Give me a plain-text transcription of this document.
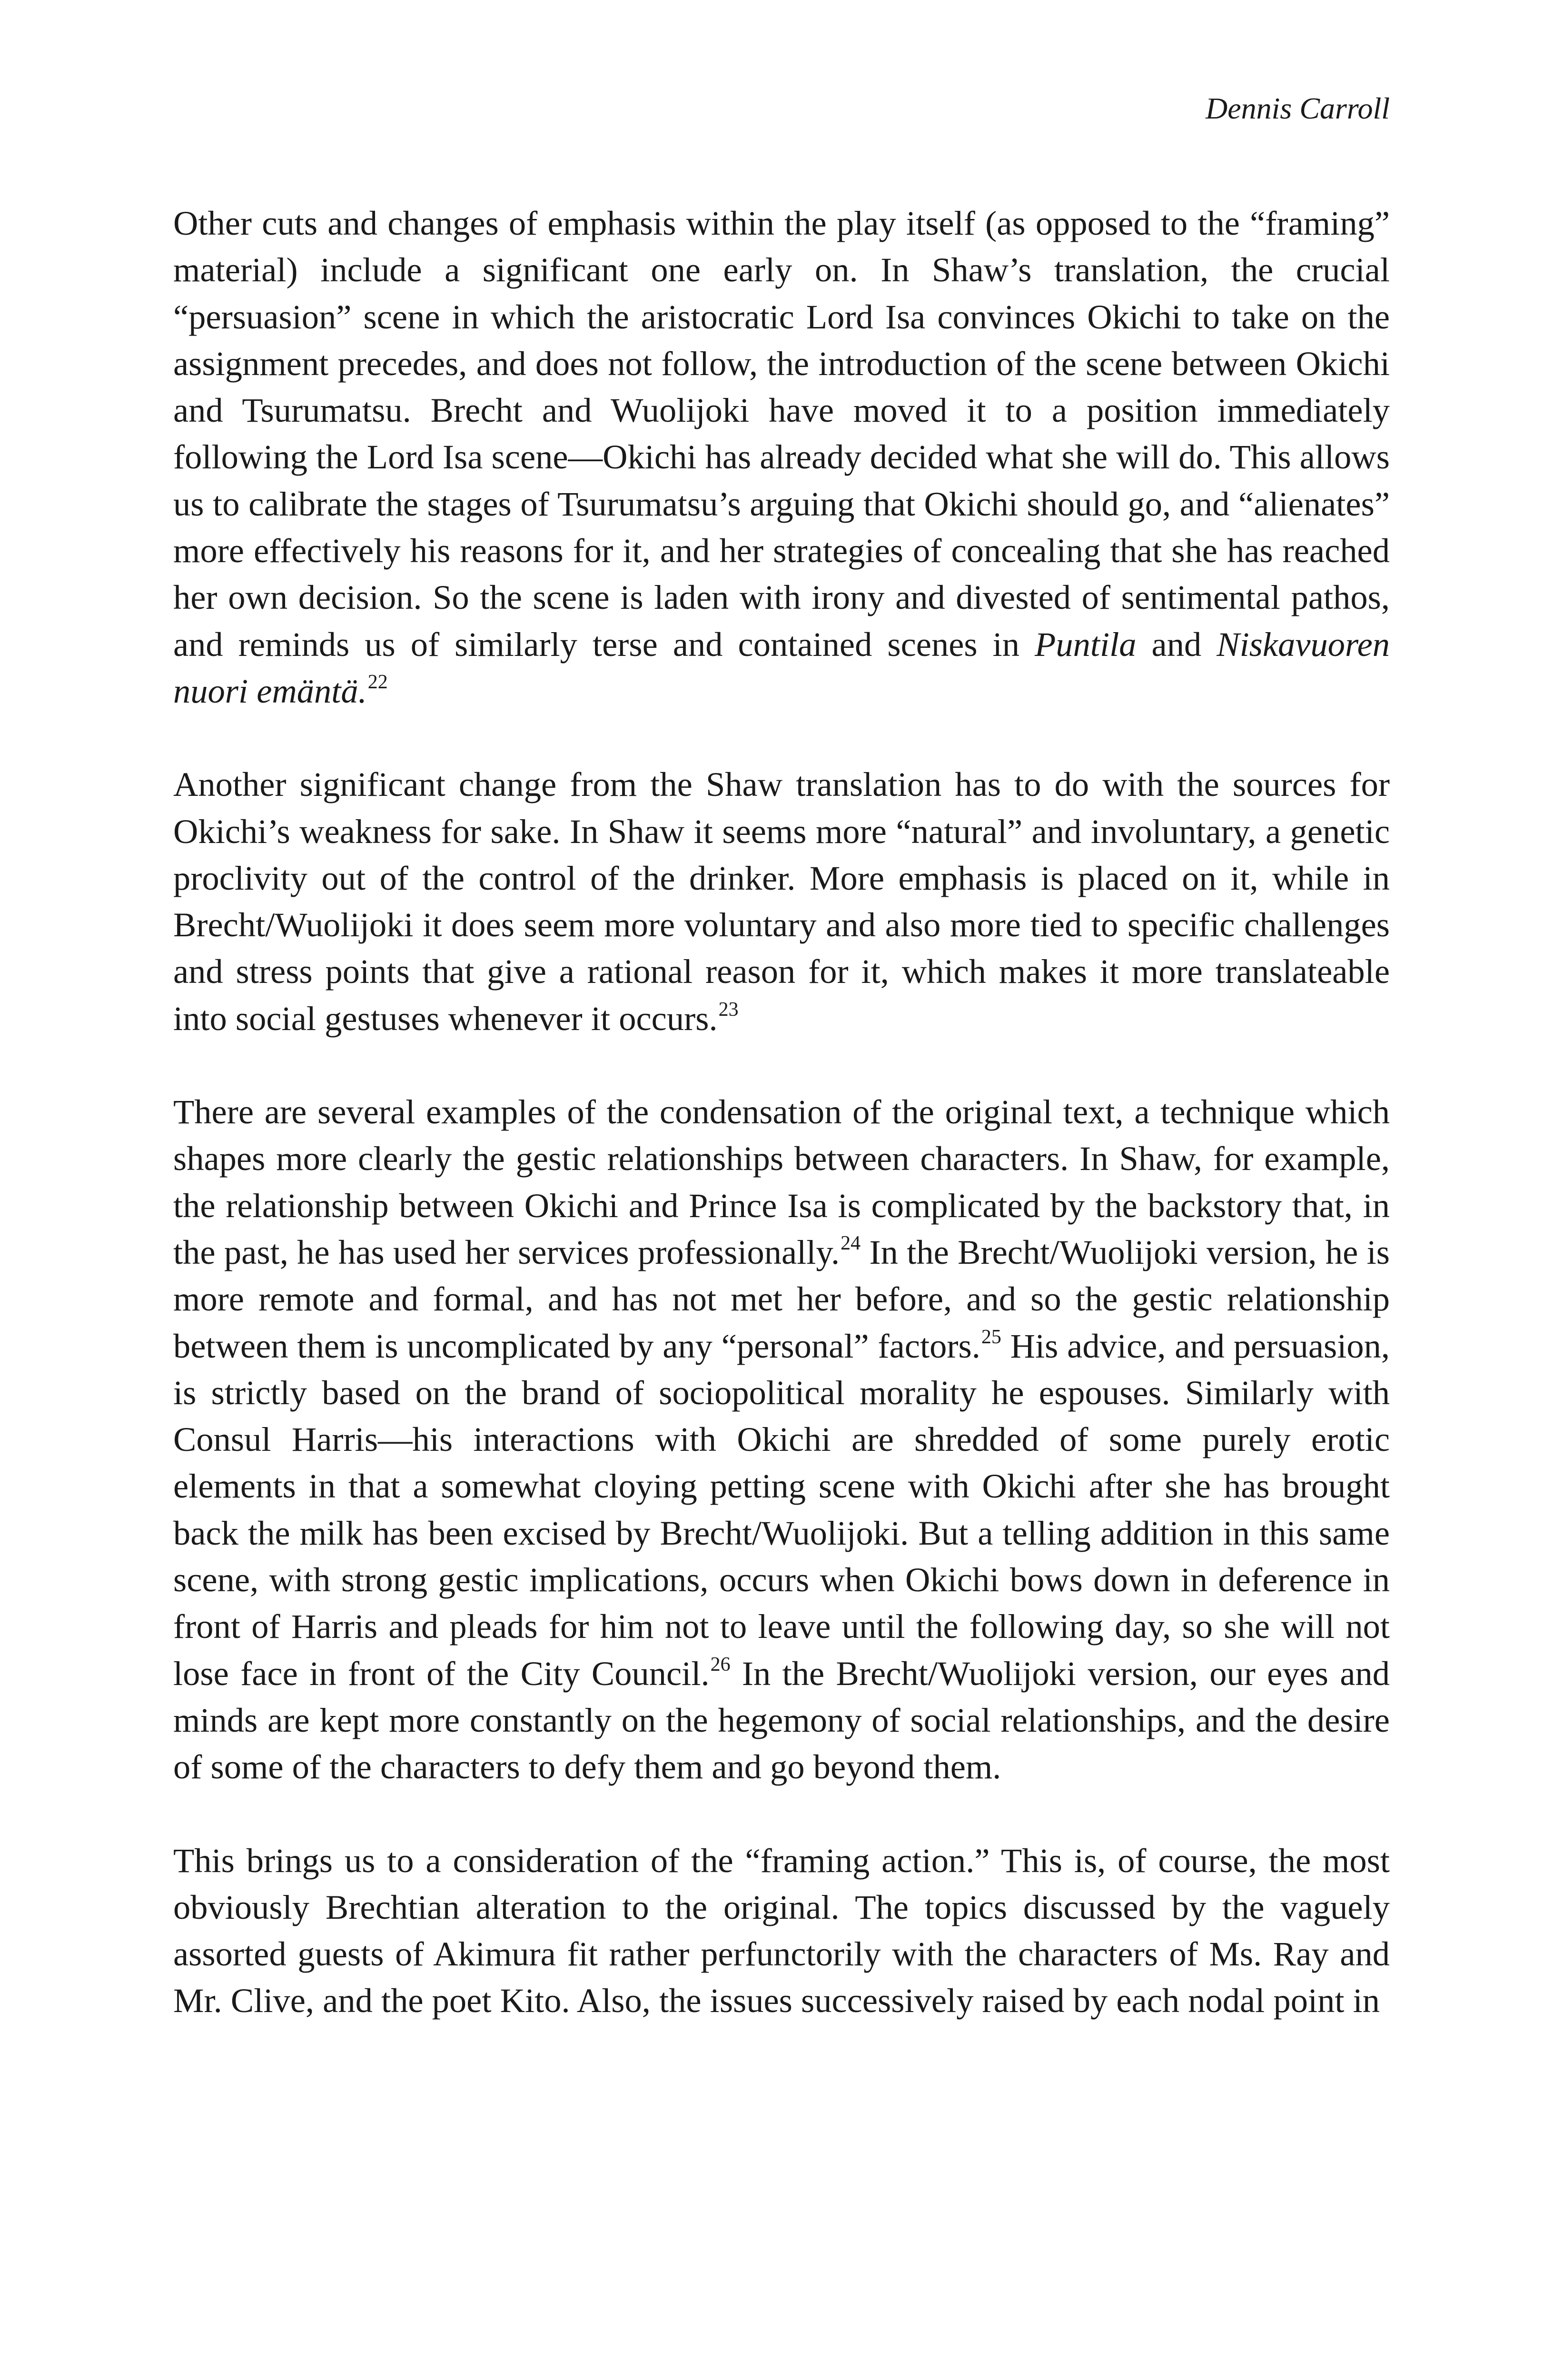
Dennis Carroll

Other cuts and changes of emphasis within the play itself (as opposed to the “framing” material) include a significant one early on. In Shaw’s translation, the crucial “persuasion” scene in which the aristocratic Lord Isa convinces Okichi to take on the assignment precedes, and does not follow, the introduction of the scene between Okichi and Tsurumatsu. Brecht and Wuolijoki have moved it to a position immediately following the Lord Isa scene—Okichi has already decided what she will do. This allows us to calibrate the stages of Tsurumatsu’s arguing that Okichi should go, and “alienates” more effectively his reasons for it, and her strategies of concealing that she has reached her own decision. So the scene is laden with irony and divested of sentimental pathos, and reminds us of similarly terse and contained scenes in Puntila and Niskavuoren nuori emäntä.$^{22}$

Another significant change from the Shaw translation has to do with the sources for Okichi’s weakness for sake. In Shaw it seems more “natural” and involuntary, a genetic proclivity out of the control of the drinker. More emphasis is placed on it, while in Brecht/Wuolijoki it does seem more voluntary and also more tied to specific challenges and stress points that give a rational reason for it, which makes it more translateable into social gestuses whenever it occurs.$^{23}$

There are several examples of the condensation of the original text, a technique which shapes more clearly the gestic relationships between characters. In Shaw, for example, the relationship between Okichi and Prince Isa is complicated by the backstory that, in the past, he has used her services professionally.$^{24}$ In the Brecht/Wuolijoki version, he is more remote and formal, and has not met her before, and so the gestic relationship between them is uncomplicated by any “personal” factors.$^{25}$ His advice, and persuasion, is strictly based on the brand of sociopolitical morality he espouses. Similarly with Consul Harris—his interactions with Okichi are shredded of some purely erotic elements in that a somewhat cloying petting scene with Okichi after she has brought back the milk has been excised by Brecht/Wuolijoki. But a telling addition in this same scene, with strong gestic implications, occurs when Okichi bows down in deference in front of Harris and pleads for him not to leave until the following day, so she will not lose face in front of the City Council.$^{26}$ In the Brecht/Wuolijoki version, our eyes and minds are kept more constantly on the hegemony of social relationships, and the desire of some of the characters to defy them and go beyond them.

This brings us to a consideration of the “framing action.” This is, of course, the most obviously Brechtian alteration to the original. The topics discussed by the vaguely assorted guests of Akimura fit rather perfunctorily with the characters of Ms. Ray and Mr. Clive, and the poet Kito. Also, the issues successively raised by each nodal point in
